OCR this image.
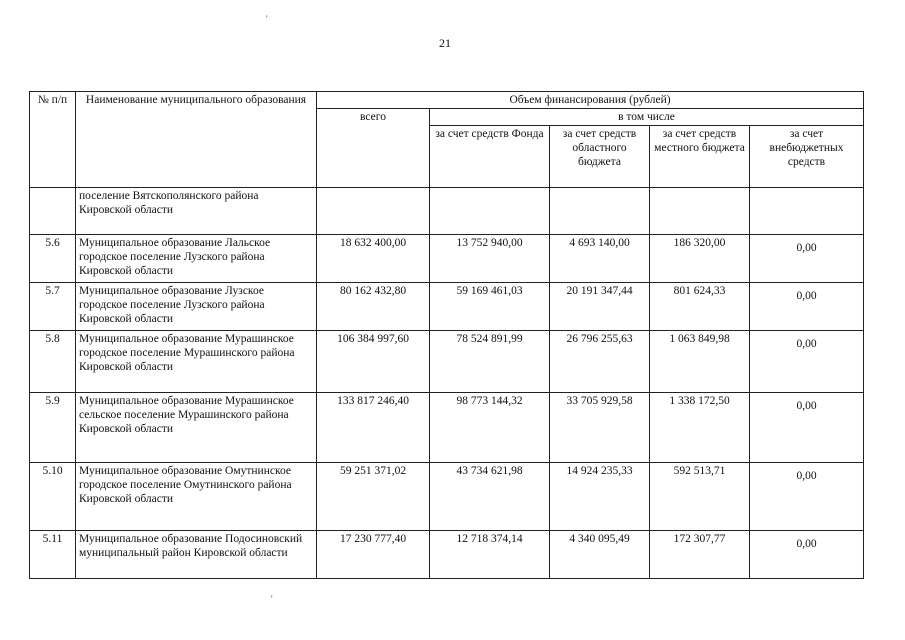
'
21
'
№ п/п	Наименование муниципального образования	Объем финансирования (рублей)				
		всего	в том числе			
			за счет средств Фонда	за счет средств областного бюджета	за счет средств местного бюджета	за счет внебюджетных средств
	поселение Вятскополянского района Кировской области					
5.6	Муниципальное образование Лальское городское поселение Лузского района Кировской области	18 632 400,00	13 752 940,00	4 693 140,00	186 320,00	0,00
5.7	Муниципальное образование Лузское городское поселение Лузского района Кировской области	80 162 432,80	59 169 461,03	20 191 347,44	801 624,33	0,00
5.8	Муниципальное образование Мурашинское городское поселение Мурашинского района Кировской области	106 384 997,60	78 524 891,99	26 796 255,63	1 063 849,98	0,00
5.9	Муниципальное образование Мурашинское сельское поселение Мурашинского района Кировской области	133 817 246,40	98 773 144,32	33 705 929,58	1 338 172,50	0,00
5.10	Муниципальное образование Омутнинское городское поселение Омутнинского района Кировской области	59 251 371,02	43 734 621,98	14 924 235,33	592 513,71	0,00
5.11	Муниципальное образование Подосиновский муниципальный район Кировской области	17 230 777,40	12 718 374,14	4 340 095,49	172 307,77	0,00
